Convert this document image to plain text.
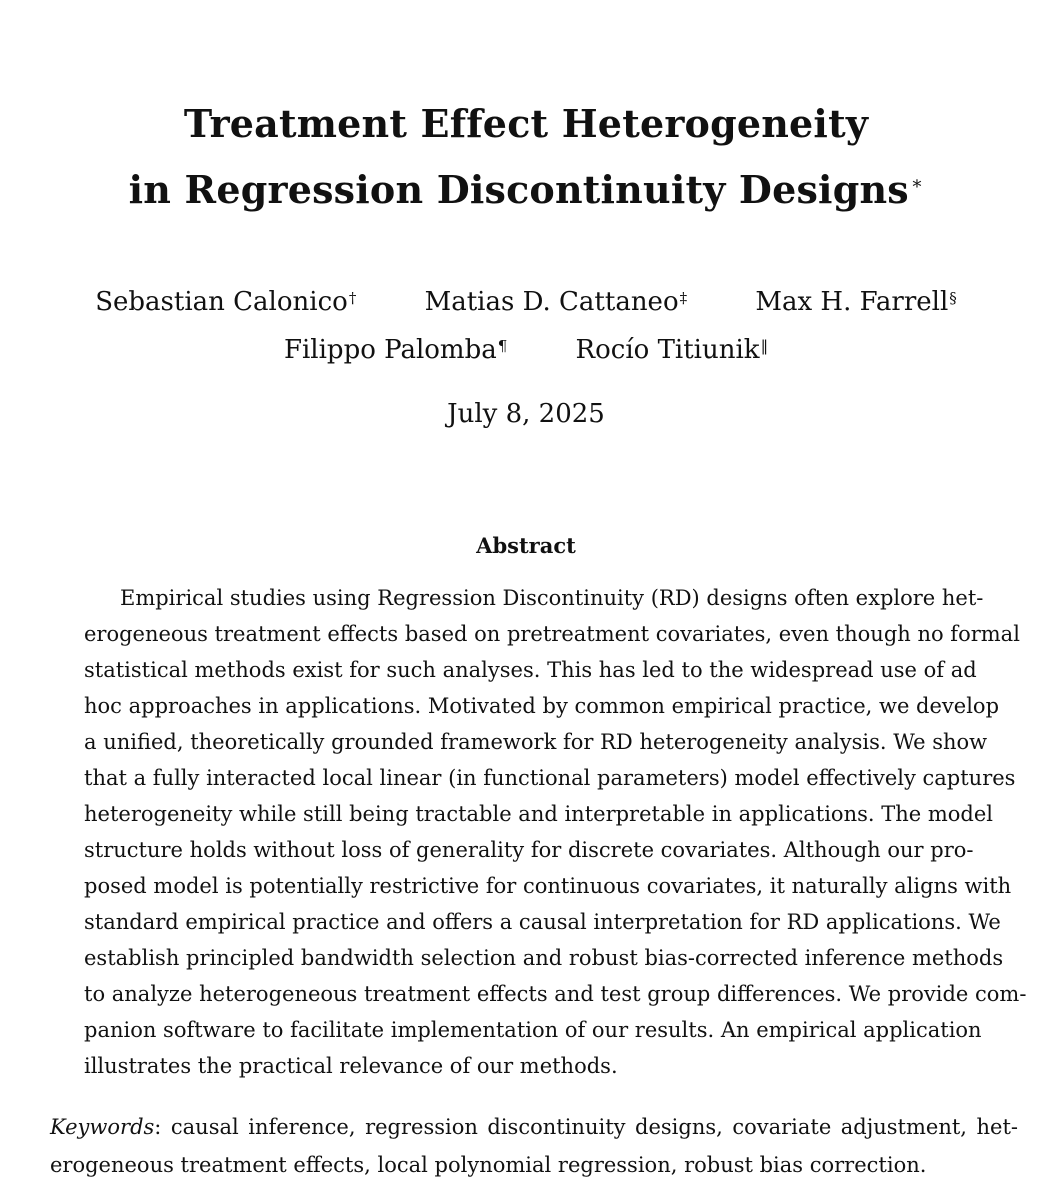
Treatment Effect Heterogeneity
in Regression Discontinuity Designs ∗
Sebastian Calonico†	Matias D. Cattaneo‡	Max H. Farrell§
Filippo Palomba¶	Rocío Titiunik‖
July 8, 2025
Abstract
Empirical studies using Regression Discontinuity (RD) designs often explore het-
erogeneous treatment effects based on pretreatment covariates, even though no formal
statistical methods exist for such analyses. This has led to the widespread use of ad
hoc approaches in applications. Motivated by common empirical practice, we develop
a unified, theoretically grounded framework for RD heterogeneity analysis. We show
that a fully interacted local linear (in functional parameters) model effectively captures
heterogeneity while still being tractable and interpretable in applications. The model
structure holds without loss of generality for discrete covariates. Although our pro-
posed model is potentially restrictive for continuous covariates, it naturally aligns with
standard empirical practice and offers a causal interpretation for RD applications. We
establish principled bandwidth selection and robust bias-corrected inference methods
to analyze heterogeneous treatment effects and test group differences. We provide com-
panion software to facilitate implementation of our results. An empirical application
illustrates the practical relevance of our methods.
Keywords: causal inference, regression discontinuity designs, covariate adjustment, het-
erogeneous treatment effects, local polynomial regression, robust bias correction.
